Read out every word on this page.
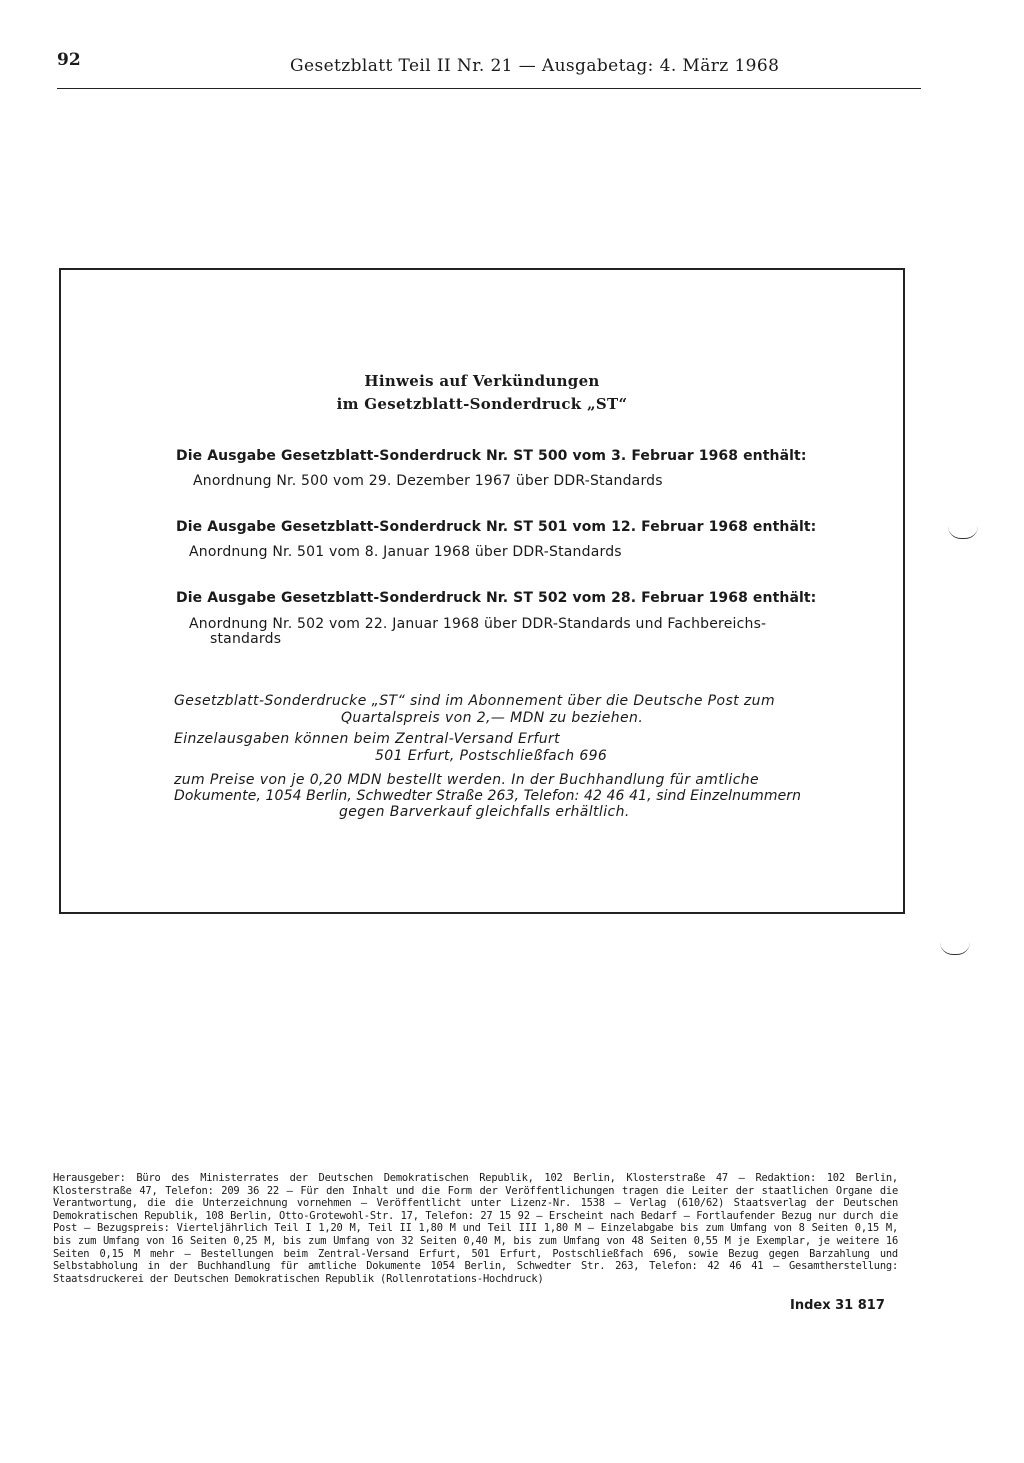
92	Gesetzblatt Teil II Nr. 21 — Ausgabetag: 4. März 1968
Hinweis auf Verkündungen
im Gesetzblatt-Sonderdruck „ST“
Die Ausgabe Gesetzblatt-Sonderdruck Nr. ST 500 vom 3. Februar 1968 enthält:
Anordnung Nr. 500 vom 29. Dezember 1967 über DDR-Standards
Die Ausgabe Gesetzblatt-Sonderdruck Nr. ST 501 vom 12. Februar 1968 enthält:
Anordnung Nr. 501 vom 8. Januar 1968 über DDR-Standards
Die Ausgabe Gesetzblatt-Sonderdruck Nr. ST 502 vom 28. Februar 1968 enthält:
Anordnung Nr. 502 vom 22. Januar 1968 über DDR-Standards und Fachbereichs-
standards
Gesetzblatt-Sonderdrucke „ST“ sind im Abonnement über die Deutsche Post zum
Quartalspreis von 2,— MDN zu beziehen.
Einzelausgaben können beim Zentral-Versand Erfurt
501 Erfurt, Postschließfach 696
zum Preise von je 0,20 MDN bestellt werden. In der Buchhandlung für amtliche
Dokumente, 1054 Berlin, Schwedter Straße 263, Telefon: 42 46 41, sind Einzelnummern
gegen Barverkauf gleichfalls erhältlich.
Herausgeber: Büro des Ministerrates der Deutschen Demokratischen Republik, 102 Berlin, Klosterstraße 47 – Redaktion: 102 Berlin, Klosterstraße 47, Telefon: 209 36 22 – Für den Inhalt und die Form der Veröffentlichungen tragen die Leiter der staatlichen Organe die Verantwortung, die die Unterzeichnung vornehmen – Veröffentlicht unter Lizenz-Nr. 1538 – Verlag (610/62) Staatsverlag der Deutschen Demokratischen Republik, 108 Berlin, Otto-Grotewohl-Str. 17, Telefon: 27 15 92 – Erscheint nach Bedarf – Fortlaufender Bezug nur durch die Post – Bezugspreis: Vierteljährlich Teil I 1,20 M, Teil II 1,80 M und Teil III 1,80 M – Einzelabgabe bis zum Umfang von 8 Seiten 0,15 M, bis zum Umfang von 16 Seiten 0,25 M, bis zum Umfang von 32 Seiten 0,40 M, bis zum Umfang von 48 Seiten 0,55 M je Exemplar, je weitere 16 Seiten 0,15 M mehr – Bestellungen beim Zentral-Versand Erfurt, 501 Erfurt, Postschließfach 696, sowie Bezug gegen Barzahlung und Selbstabholung in der Buchhandlung für amtliche Dokumente 1054 Berlin, Schwedter Str. 263, Telefon: 42 46 41 – Gesamtherstellung: Staatsdruckerei der Deutschen Demokratischen Republik (Rollenrotations-Hochdruck)
Index 31 817
